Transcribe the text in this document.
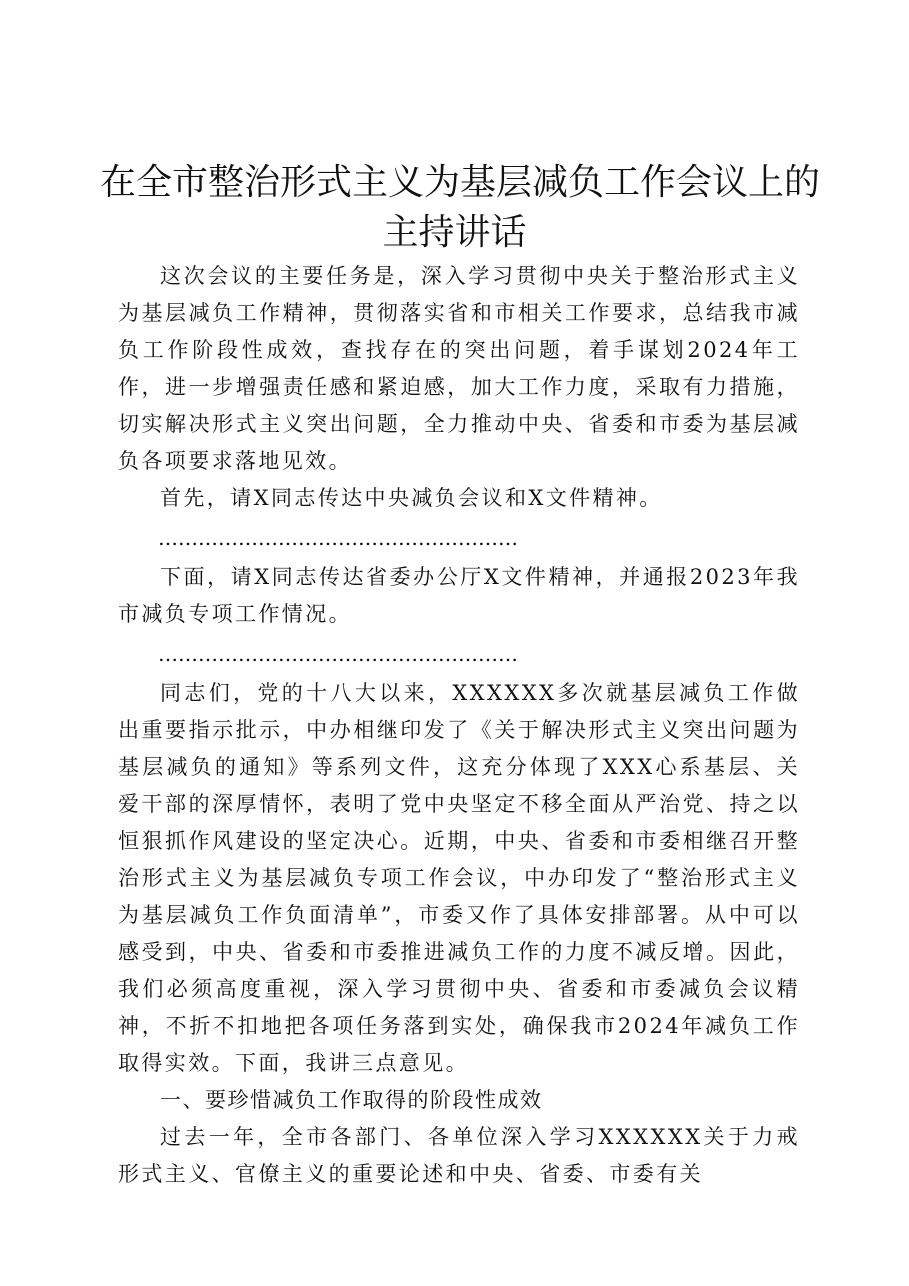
在全市整治形式主义为基层减负工作会议上的
主持讲话

这次会议的主要任务是，深入学习贯彻中央关于整治形式主义为基层减负工作精神，贯彻落实省和市相关工作要求，总结我市减负工作阶段性成效，查找存在的突出问题，着手谋划2024年工作，进一步增强责任感和紧迫感，加大工作力度，采取有力措施，切实解决形式主义突出问题，全力推动中央、省委和市委为基层减负各项要求落地见效。

首先，请X同志传达中央减负会议和X文件精神。

………………………………………………

下面，请X同志传达省委办公厅X文件精神，并通报2023年我市减负专项工作情况。

………………………………………………

同志们，党的十八大以来，XXXXXX多次就基层减负工作做出重要指示批示，中办相继印发了《关于解决形式主义突出问题为基层减负的通知》等系列文件，这充分体现了XXX心系基层、关爱干部的深厚情怀，表明了党中央坚定不移全面从严治党、持之以恒狠抓作风建设的坚定决心。近期，中央、省委和市委相继召开整治形式主义为基层减负专项工作会议，中办印发了“整治形式主义为基层减负工作负面清单”，市委又作了具体安排部署。从中可以感受到，中央、省委和市委推进减负工作的力度不减反增。因此，我们必须高度重视，深入学习贯彻中央、省委和市委减负会议精神，不折不扣地把各项任务落到实处，确保我市2024年减负工作取得实效。下面，我讲三点意见。

一、要珍惜减负工作取得的阶段性成效

过去一年，全市各部门、各单位深入学习XXXXXX关于力戒形式主义、官僚主义的重要论述和中央、省委、市委有关
